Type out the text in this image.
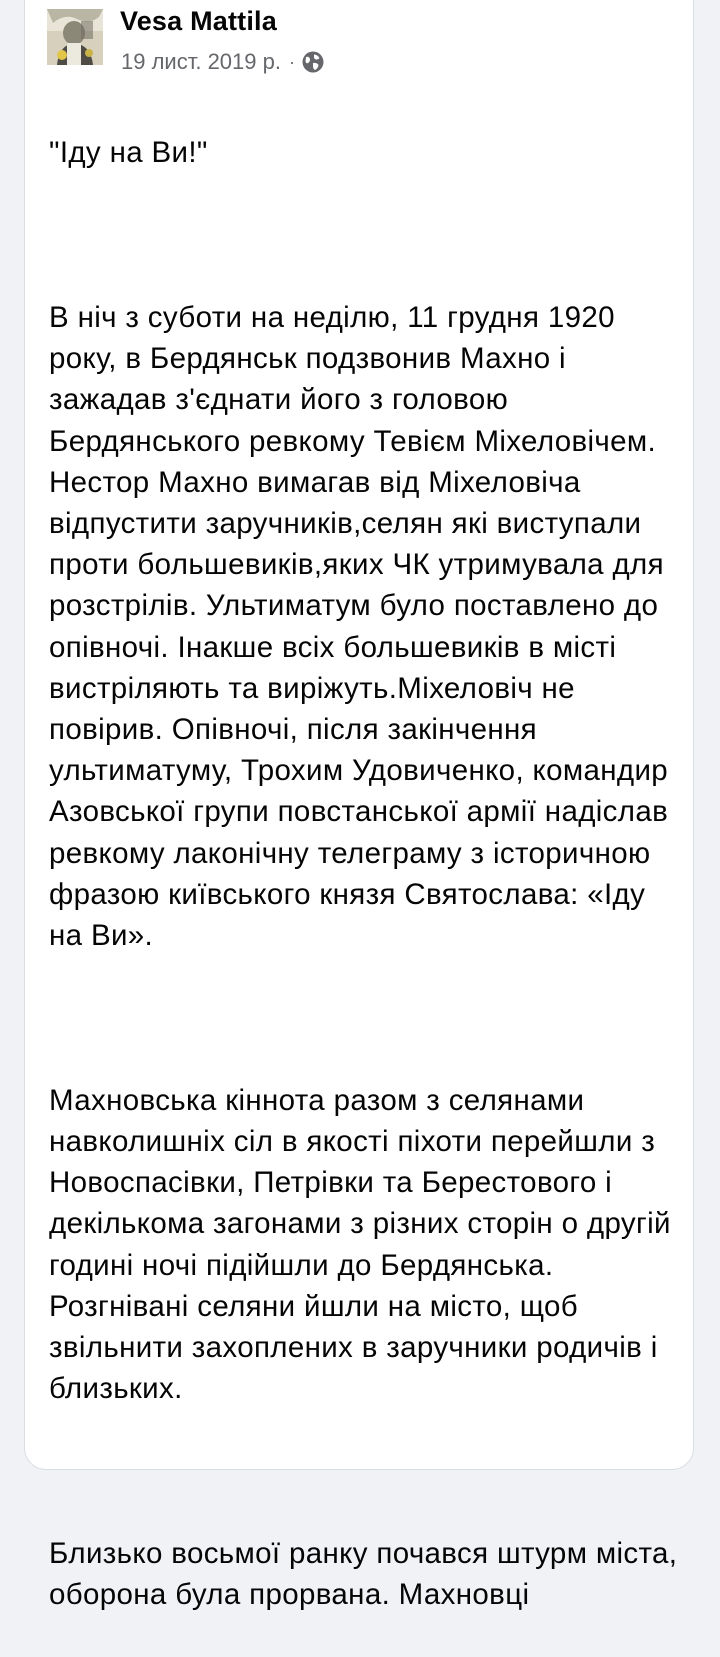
Vesa Mattila
19 лист. 2019 р. ·

"Іду на Ви!"

В ніч з суботи на неділю, 11 грудня 1920 року, в Бердянськ подзвонив Махно і зажадав з'єднати його з головою Бердянського ревкому Тевієм Міхеловічем. Нестор Махно вимагав від Міхеловіча відпустити заручників,селян які виступали проти большевиків,яких ЧК утримувала для розстрілів. Ультиматум було поставлено до опівночі. Інакше всіх большевиків в місті вистріляють та виріжуть.Міхеловіч не повірив. Опівночі, після закінчення ультиматуму, Трохим Удовиченко, командир Азовської групи повстанської армії надіслав ревкому лаконічну телеграму з історичною фразою київського князя Святослава: «Іду на Ви».

Махновська кіннота разом з селянами навколишніх сіл в якості піхоти перейшли з Новоспасівки, Петрівки та Берестового і декількома загонами з різних сторін о другій годині ночі підійшли до Бердянська. Розгнівані селяни йшли на місто, щоб звільнити захоплених в заручники родичів і близьких.

Близько восьмої ранку почався штурм міста, оборона була прорвана. Махновці
